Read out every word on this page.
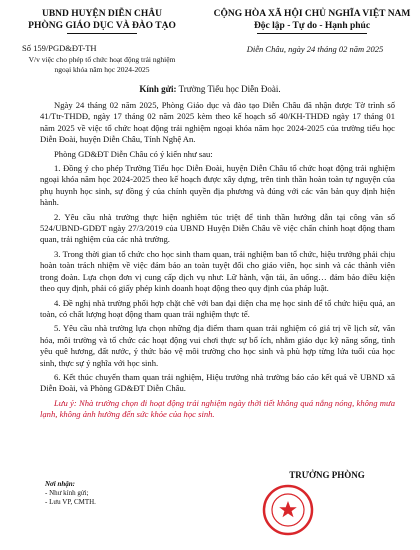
UBND HUYỆN DIỄN CHÂU
PHÒNG GIÁO DỤC VÀ ĐÀO TẠO
CỘNG HÒA XÃ HỘI CHỦ NGHĨA VIỆT NAM
Độc lập - Tự do - Hạnh phúc
Số 159/PGD&ĐT-TH
V/v việc cho phép tổ chức hoạt động trải nghiệm ngoại khóa năm học 2024-2025
Diễn Châu, ngày 24 tháng 02 năm 2025
Kính gửi: Trường Tiểu học Diễn Đoài.

Ngày 24 tháng 02 năm 2025, Phòng Giáo dục và đào tạo Diễn Châu đã nhận được Tờ trình số 41/Ttr-THDĐ, ngày 17 tháng 02 năm 2025 kèm theo kế hoạch số 40/KH-THDĐ ngày 17 tháng 01 năm 2025 về việc tổ chức hoạt động trải nghiệm ngoại khóa năm học 2024-2025 của trường tiểu học Diễn Đoài, huyện Diễn Châu, Tỉnh Nghệ An.

Phòng GD&ĐT Diễn Châu có ý kiến như sau:

1. Đồng ý cho phép Trường Tiểu học Diễn Đoài, huyện Diễn Châu tổ chức hoạt động trải nghiệm ngoại khóa năm học 2024-2025 theo kế hoạch được xây dựng, trên tinh thần hoàn toàn tự nguyện của phụ huynh học sinh, sự đồng ý của chính quyền địa phương và đúng với các văn bản quy định hiện hành.

2. Yêu cầu nhà trường thực hiện nghiêm túc triệt để tinh thần hướng dẫn tại công văn số 524/UBND-GDĐT ngày 27/3/2019 của UBND Huyện Diễn Châu về việc chấn chỉnh hoạt động tham quan, trải nghiệm của các nhà trường.

3. Trong thời gian tổ chức cho học sinh tham quan, trải nghiệm ban tổ chức, hiệu trưởng phải chịu hoàn toàn trách nhiệm về việc đảm bảo an toàn tuyệt đối cho giáo viên, học sinh và các thành viên trong đoàn. Lựa chọn đơn vị cung cấp dịch vụ như: Lữ hành, vận tải, ăn uống… đảm bảo điều kiện theo quy định, phải có giấy phép kinh doanh hoạt động theo quy định của pháp luật.

4. Đề nghị nhà trường phối hợp chặt chẽ với ban đại diện cha mẹ học sinh để tổ chức hiệu quả, an toàn, có chất lượng hoạt động tham quan trải nghiệm thực tế.

5. Yêu cầu nhà trường lựa chọn những địa điểm tham quan trải nghiệm có giá trị về lịch sử, văn hóa, môi trường và tổ chức các hoạt động vui chơi thực sự bổ ích, nhằm giáo dục kỹ năng sống, tình yêu quê hương, đất nước, ý thức bảo vệ môi trường cho học sinh và phù hợp từng lứa tuổi của học sinh, thực sự ý nghĩa với học sinh.

6. Kết thúc chuyến tham quan trải nghiệm, Hiệu trưởng nhà trường báo cáo kết quả về UBND xã Diễn Đoài, và Phòng GD&ĐT Diễn Châu.

Lưu ý: Nhà trường chọn đi hoạt động trải nghiệm ngày thời tiết không quá nắng nóng, không mưa lạnh, không ảnh hưởng đến sức khỏe của học sinh.

Nơi nhận:
- Như kính gửi;
- Lưu VP, CMTH.
TRƯỞNG PHÒNG
